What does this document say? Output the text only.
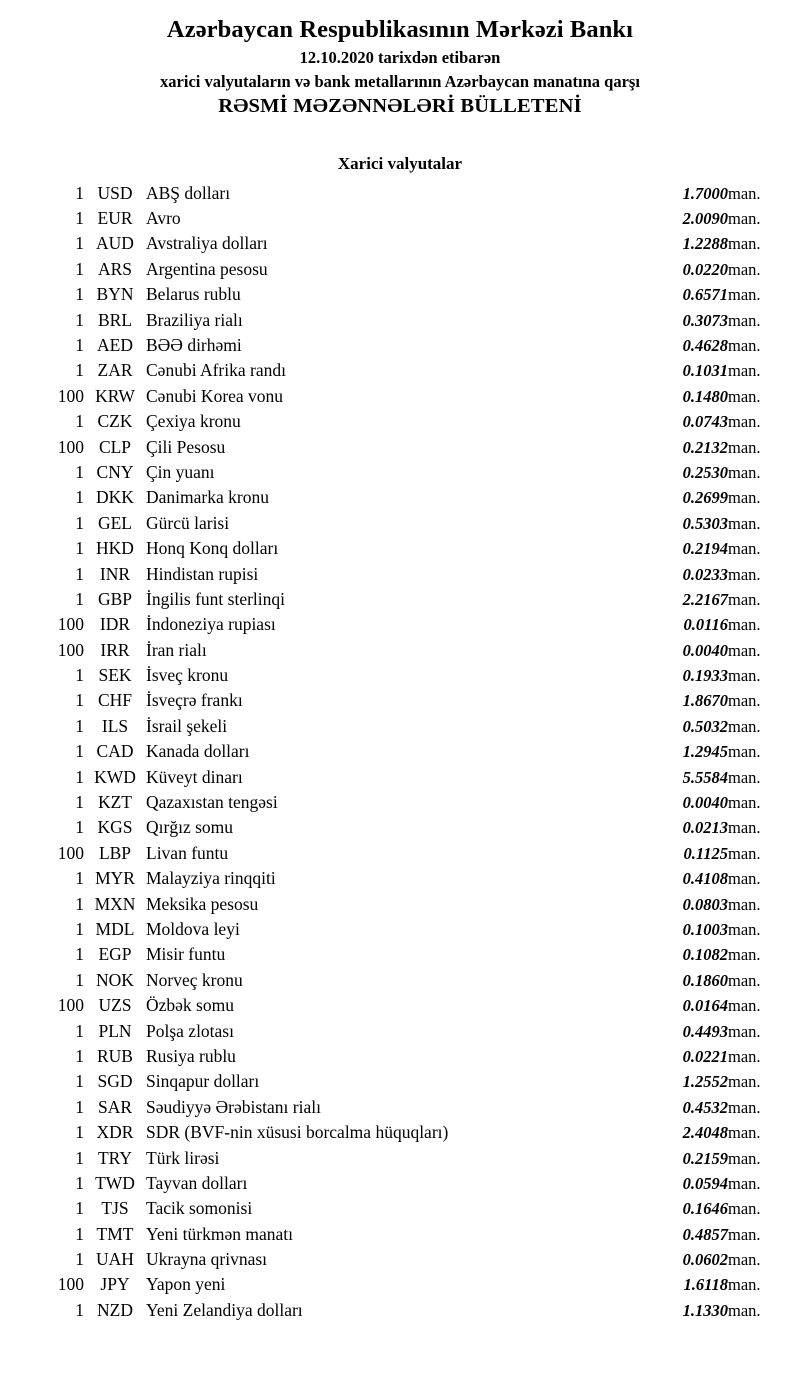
Azərbaycan Respublikasının Mərkəzi Bankı
12.10.2020 tarixdən etibarən
xarici valyutaların və bank metallarının Azərbaycan manatına qarşı
RƏSMİ MƏZƏNNƏLƏRİ BÜLLETENİ
Xarici valyutalar
1	USD	ABŞ dolları	1.7000	man.
1	EUR	Avro	2.0090	man.
1	AUD	Avstraliya dolları	1.2288	man.
1	ARS	Argentina pesosu	0.0220	man.
1	BYN	Belarus rublu	0.6571	man.
1	BRL	Braziliya rialı	0.3073	man.
1	AED	BƏƏ dirhəmi	0.4628	man.
1	ZAR	Cənubi Afrika randı	0.1031	man.
100	KRW	Cənubi Korea vonu	0.1480	man.
1	CZK	Çexiya kronu	0.0743	man.
100	CLP	Çili Pesosu	0.2132	man.
1	CNY	Çin yuanı	0.2530	man.
1	DKK	Danimarka kronu	0.2699	man.
1	GEL	Gürcü larisi	0.5303	man.
1	HKD	Honq Konq dolları	0.2194	man.
1	INR	Hindistan rupisi	0.0233	man.
1	GBP	İngilis funt sterlinqi	2.2167	man.
100	IDR	İndoneziya rupiası	0.0116	man.
100	IRR	İran rialı	0.0040	man.
1	SEK	İsveç kronu	0.1933	man.
1	CHF	İsveçrə frankı	1.8670	man.
1	ILS	İsrail şekeli	0.5032	man.
1	CAD	Kanada dolları	1.2945	man.
1	KWD	Küveyt dinarı	5.5584	man.
1	KZT	Qazaxıstan tengəsi	0.0040	man.
1	KGS	Qırğız somu	0.0213	man.
100	LBP	Livan funtu	0.1125	man.
1	MYR	Malayziya rinqqiti	0.4108	man.
1	MXN	Meksika pesosu	0.0803	man.
1	MDL	Moldova leyi	0.1003	man.
1	EGP	Misir funtu	0.1082	man.
1	NOK	Norveç kronu	0.1860	man.
100	UZS	Özbək somu	0.0164	man.
1	PLN	Polşa zlotası	0.4493	man.
1	RUB	Rusiya rublu	0.0221	man.
1	SGD	Sinqapur dolları	1.2552	man.
1	SAR	Səudiyyə Ərəbistanı rialı	0.4532	man.
1	XDR	SDR (BVF-nin xüsusi borcalma hüquqları)	2.4048	man.
1	TRY	Türk lirəsi	0.2159	man.
1	TWD	Tayvan dolları	0.0594	man.
1	TJS	Tacik somonisi	0.1646	man.
1	TMT	Yeni türkmən manatı	0.4857	man.
1	UAH	Ukrayna qrivnası	0.0602	man.
100	JPY	Yapon yeni	1.6118	man.
1	NZD	Yeni Zelandiya dolları	1.1330	man.
